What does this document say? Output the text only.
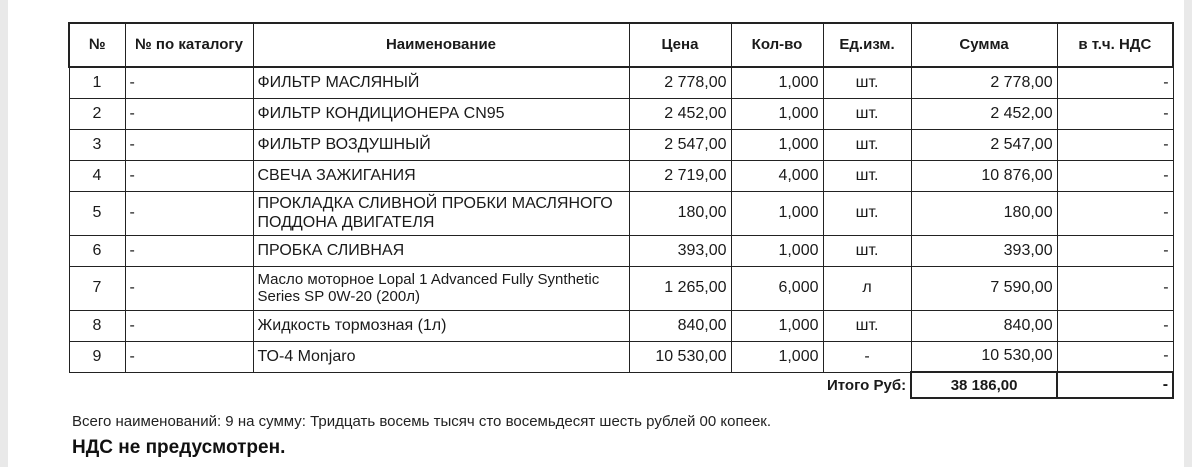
№	№ по каталогу	Наименование	Цена	Кол-во	Ед.изм.	Сумма	в т.ч. НДС
1	-	ФИЛЬТР МАСЛЯНЫЙ	2 778,00	1,000	шт.	2 778,00	-
2	-	ФИЛЬТР КОНДИЦИОНЕРА CN95	2 452,00	1,000	шт.	2 452,00	-
3	-	ФИЛЬТР ВОЗДУШНЫЙ	2 547,00	1,000	шт.	2 547,00	-
4	-	СВЕЧА ЗАЖИГАНИЯ	2 719,00	4,000	шт.	10 876,00	-
5	-	ПРОКЛАДКА СЛИВНОЙ ПРОБКИ МАСЛЯНОГО ПОДДОНА ДВИГАТЕЛЯ	180,00	1,000	шт.	180,00	-
6	-	ПРОБКА СЛИВНАЯ	393,00	1,000	шт.	393,00	-
7	-	Масло моторное Lopal 1 Advanced Fully Synthetic Series SP 0W-20 (200л)	1 265,00	6,000	л	7 590,00	-
8	-	Жидкость тормозная (1л)	840,00	1,000	шт.	840,00	-
9	-	ТО-4 Monjaro	10 530,00	1,000	-	10 530,00	-
					Итого Руб:	38 186,00	-
Всего наименований: 9 на сумму: Тридцать восемь тысяч сто восемьдесят шесть рублей 00 копеек.
НДС не предусмотрен.
